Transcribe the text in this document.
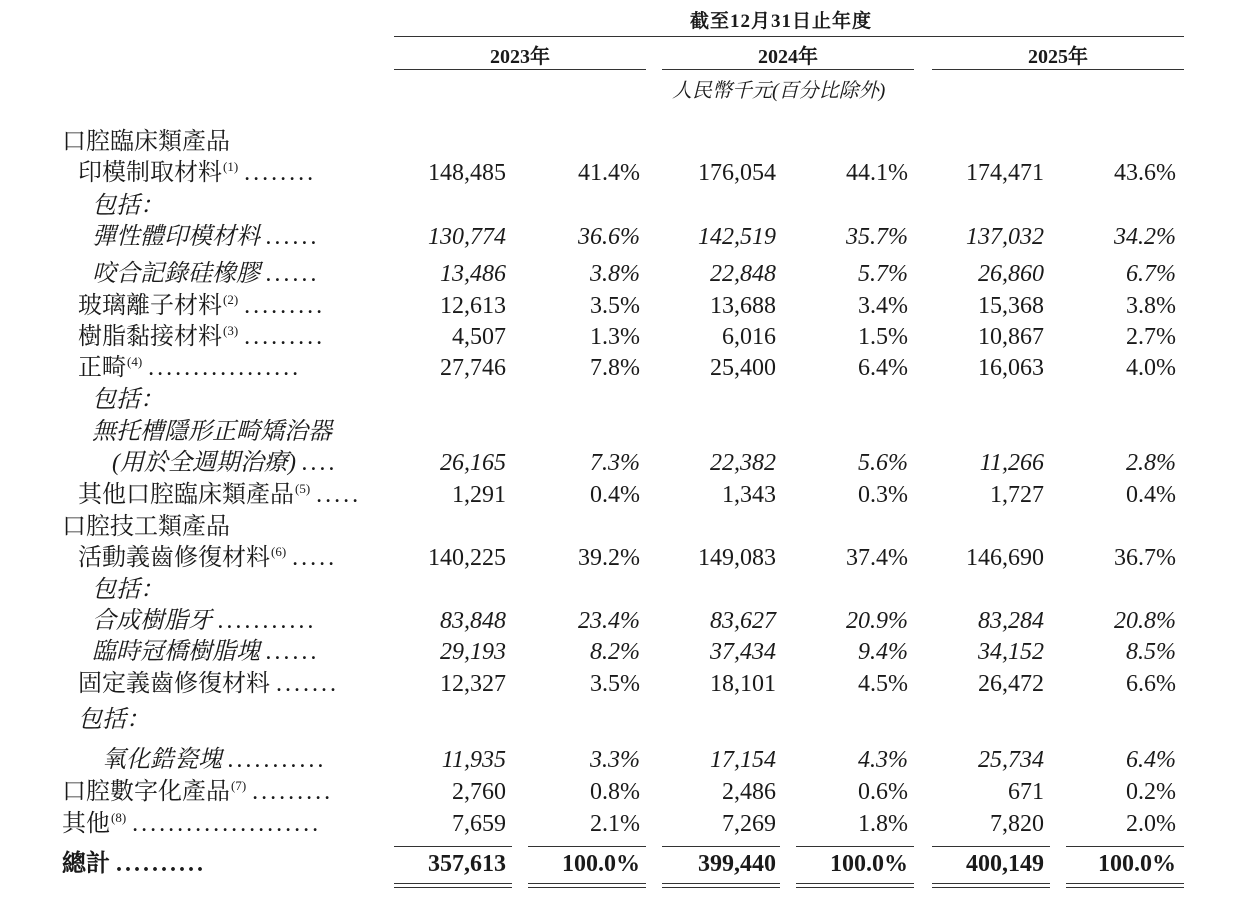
截至12月31日止年度
2023年	2024年	2025年
人民幣千元(百分比除外)
口腔臨床類產品
印模制取材料$^{(1)}$ ........	148,485	41.4% 176,054	44.1% 174,471	43.6%
包括：
彈性體印模材料 ......	130,774	36.6% 142,519	35.7% 137,032	34.2%
咬合記錄硅橡膠 ......	13,486	3.8%	22,848	5.7%	26,860	6.7%
玻璃離子材料$^{(2)}$ .........	12,613	3.5%	13,688	3.4%	15,368	3.8%
樹脂黏接材料$^{(3)}$ .........	4,507	1.3%	6,016	1.5%	10,867	2.7%
正畸$^{(4)}$ .................	27,746	7.8%	25,400	6.4%	16,063	4.0%
包括：
無托槽隱形正畸矯治器
(用於全週期治療) ....	26,165	7.3%	22,382	5.6%	11,266	2.8%
其他口腔臨床類產品$^{(5)}$ .....	1,291	0.4%	1,343	0.3%	1,727	0.4%
口腔技工類產品
活動義齒修復材料$^{(6)}$ .....	140,225	39.2% 149,083	37.4% 146,690	36.7%
包括：
合成樹脂牙 ...........	83,848	23.4%	83,627	20.9%	83,284	20.8%
臨時冠橋樹脂塊 ......	29,193	8.2%	37,434	9.4%	34,152	8.5%
固定義齒修復材料 .......	12,327	3.5%	18,101	4.5%	26,472	6.6%
包括：
氧化鋯瓷塊 ...........	11,935	3.3%	17,154	4.3%	25,734	6.4%
口腔數字化產品$^{(7)}$ .........	2,760	0.8%	2,486	0.6%	671	0.2%
其他$^{(8)}$ .....................	7,659	2.1%	7,269	1.8%	7,820	2.0%
總計 ..........	357,613 100.0% 399,440 100.0% 400,149 100.0%
